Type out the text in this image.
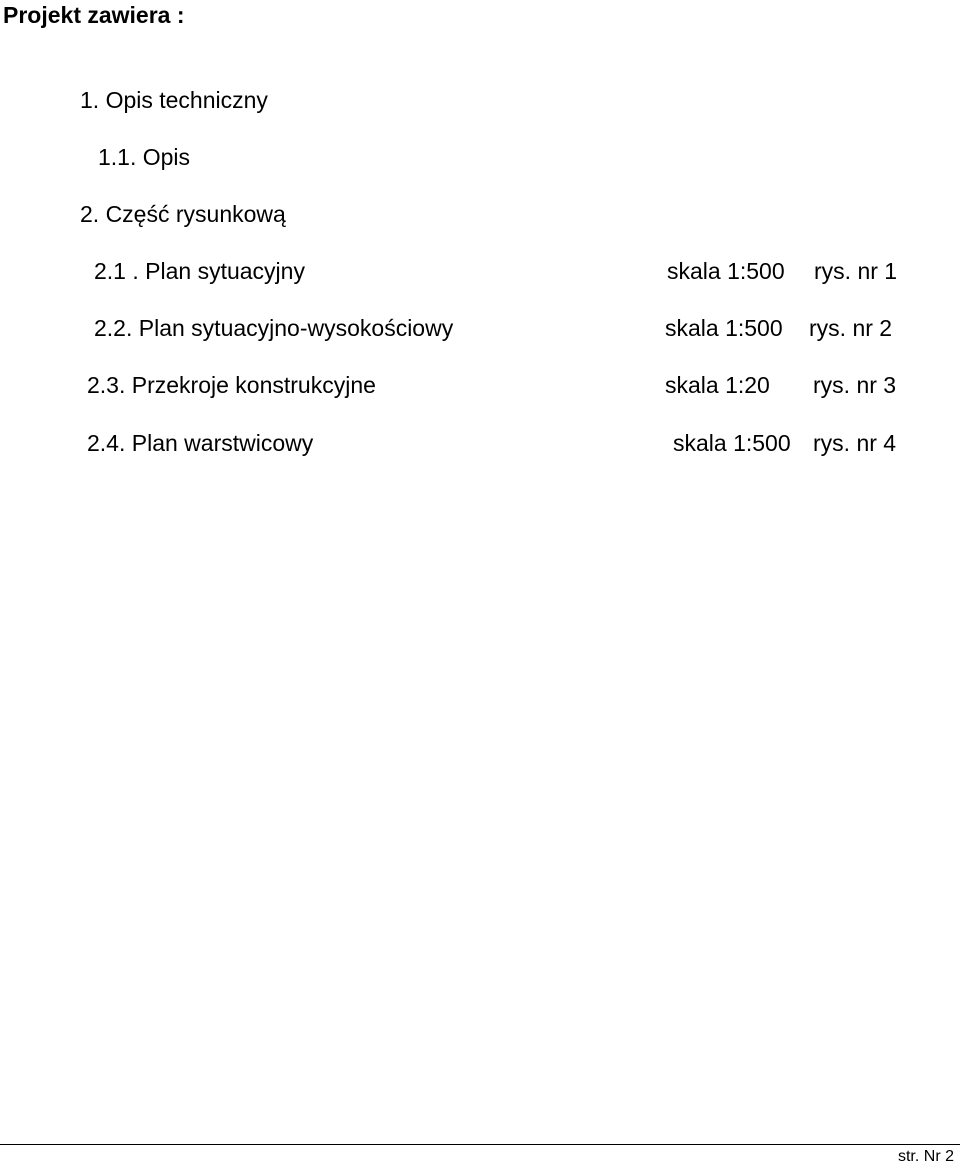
Projekt zawiera :
1. Opis techniczny
1.1. Opis
2. Część rysunkową
2.1 . Plan sytuacyjny	skala 1:500 rys. nr 1
2.2. Plan sytuacyjno-wysokościowy	skala 1:500 rys. nr 2
2.3. Przekroje konstrukcyjne	skala 1:20 rys. nr 3
2.4. Plan warstwicowy	skala 1:500 rys. nr 4
str. Nr 2
